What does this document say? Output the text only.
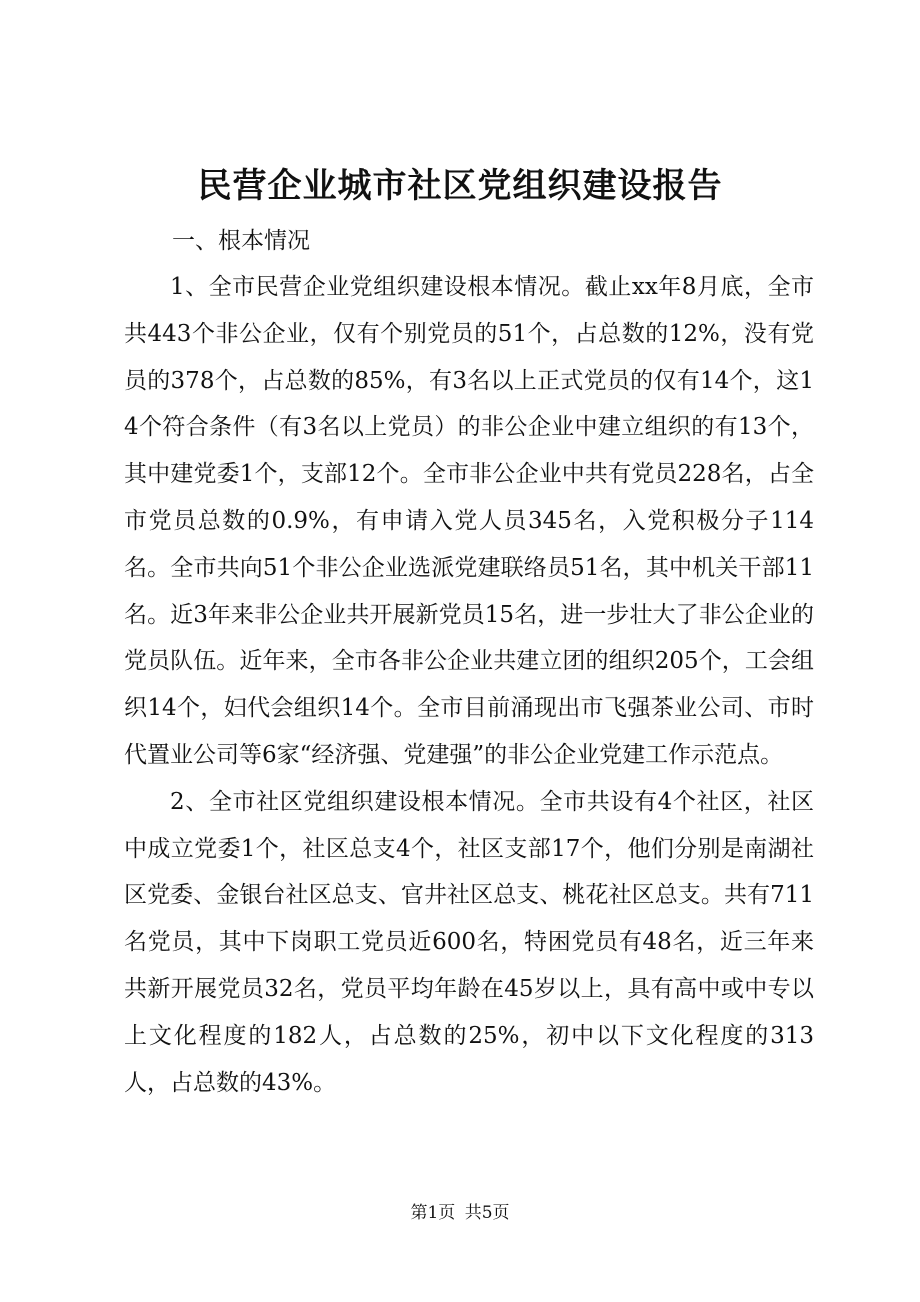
民营企业城市社区党组织建设报告

一、根本情况

1、全市民营企业党组织建设根本情况。截止xx年8月底，全市共443个非公企业，仅有个别党员的51个，占总数的12%，没有党员的378个，占总数的85%，有3名以上正式党员的仅有14个，这14个符合条件（有3名以上党员）的非公企业中建立组织的有13个，其中建党委1个，支部12个。全市非公企业中共有党员228名，占全市党员总数的0.9%，有申请入党人员345名，入党积极分子114名。全市共向51个非公企业选派党建联络员51名，其中机关干部11名。近3年来非公企业共开展新党员15名，进一步壮大了非公企业的党员队伍。近年来，全市各非公企业共建立团的组织205个，工会组织14个，妇代会组织14个。全市目前涌现出市飞强茶业公司、市时代置业公司等6家“经济强、党建强”的非公企业党建工作示范点。

2、全市社区党组织建设根本情况。全市共设有4个社区，社区中成立党委1个，社区总支4个，社区支部17个，他们分别是南湖社区党委、金银台社区总支、官井社区总支、桃花社区总支。共有711名党员，其中下岗职工党员近600名，特困党员有48名，近三年来共新开展党员32名，党员平均年龄在45岁以上，具有高中或中专以上文化程度的182人，占总数的25%，初中以下文化程度的313人，占总数的43%。

第1页 共5页
